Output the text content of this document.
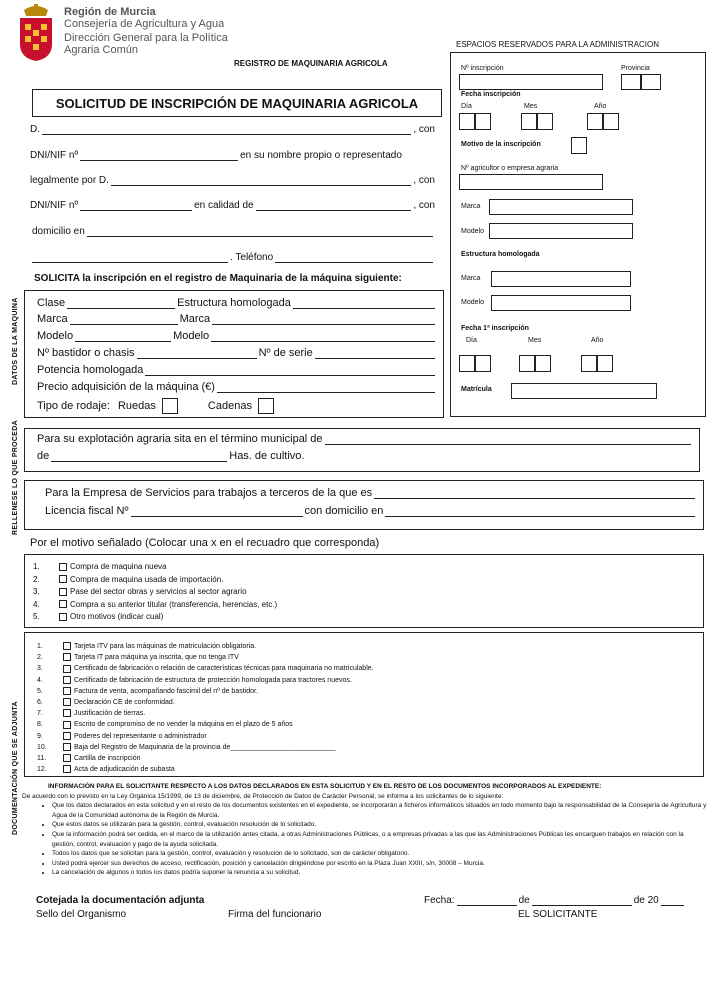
Región de Murcia
Consejería de Agricultura y Agua
Dirección General para la Política
Agraria Común
REGISTRO DE MAQUINARIA AGRICOLA
ESPACIOS RESERVADOS PARA LA ADMINISTRACION
SOLICITUD DE INSCRIPCIÓN DE MAQUINARIA AGRICOLA
D.	, con
DNI/NIF nº	en su nombre propio o representado
legalmente por D.	, con
DNI/NIF nº	en calidad de	, con
domicilio en
. Teléfono
SOLICITA la inscripción en el registro de Maquinaria de la máquina siguiente:
DATOS DE LA MAQUINA
RELLENESE LO QUE PROCEDA
DOCUMENTACIÓN QUE SE ADJUNTA
Clase	Estructura homologada
Marca	Marca
Modelo	Modelo
Nº bastidor o chasis	Nº de serie
Potencia homologada
Precio adquisición de la máquina (€)
Tipo de rodaje: Ruedas	Cadenas
Para su explotación agraria sita en el término municipal de
de	Has. de cultivo.
Para la Empresa de Servicios para trabajos a terceros de la que es
Licencia fiscal Nº	con domicilio en
Por el motivo señalado (Colocar una x en el recuadro que corresponda)
1.	Compra de maquina nueva
2.	Compra de maquina usada de importación.
3.	Pase del sector obras y servicios al sector agrario
4.	Compra a su anterior titular (transferencia, herencias, etc.)
5.	Otro motivos (indicar cual)
1.	Tarjeta ITV para las máquinas de matriculación obligatoria.
2.	Tarjeta IT para máquina ya inscrita, que no tenga ITV
3.	Certificado de fabricación o relación de características técnicas para maquinaria no matriculable.
4.	Certificado de fabricación de estructura de protección homologada para tractores nuevos.
5.	Factura de venta, acompañando fascimil del nº de bastidor.
6.	Declaración CE de conformidad.
7.	Justificación de tierras.
8.	Escrito de compromiso de no vender la máquina en el plazo de 5 años
9.	Poderes del representante o administrador
10.	Baja del Registro de Maquinaria de la provincia de___________________________
11.	Cartilla de inscripción
12.	Acta de adjudicación de subasta
INFORMACIÓN PARA EL SOLICITANTE RESPECTO A LOS DATOS DECLARADOS EN ESTA SOLICITUD Y EN EL RESTO DE LOS DOCUMENTOS INCORPORADOS AL EXPEDIENTE:
De acuerdo con lo previsto en la Ley Orgánica 15/1999, de 13 de diciembre, de Protección de Datos de Carácter Personal, se informa a los solicitantes de lo siguiente:
• Que los datos declarados en esta solicitud y en el resto de los documentos existentes en el expediente, se incorporarán a ficheros informáticos situados en todo momento bajo la responsabilidad de la Consejería de Agricultura y Agua de la Comunidad autónoma de la Región de Murcia.
• Que estos datos se utilizarán para la gestión, control, evaluación resolución de lo solicitado.
• Que la información podrá ser cedida, en el marco de la utilización antes citada, a otras Administraciones Públicas, o a empresas privadas a las que las Administraciones Públicas les encarguen trabajos en relación con la gestión, control, evaluación y pago de la ayuda solicitada.
• Todos los datos que se solicitan para la gestión, control, evaluación y resolución de lo solicitado, son de carácter obligatorio.
• Usted podrá ejercer sus derechos de acceso, rectificación, posición y cancelación dirigiéndose por escrito en la Plaza Juan XXIII, s/n, 30008 – Murcia.
• La cancelación de algunos o todos los datos podría suponer la renuncia a su solicitud.
Cotejada la documentación adjunta	Fecha:	de	de 20
Sello del Organismo	Firma del funcionario	EL SOLICITANTE
Nº inscripción	Provincia
Fecha inscripción
Día	Mes	Año
Motivo de la inscripción
Nº agricultor o empresa agraria
Marca
Modelo
Estructura homologada
Marca
Modelo
Fecha 1ª inscripción
Día	Mes	Año
Matrícula
